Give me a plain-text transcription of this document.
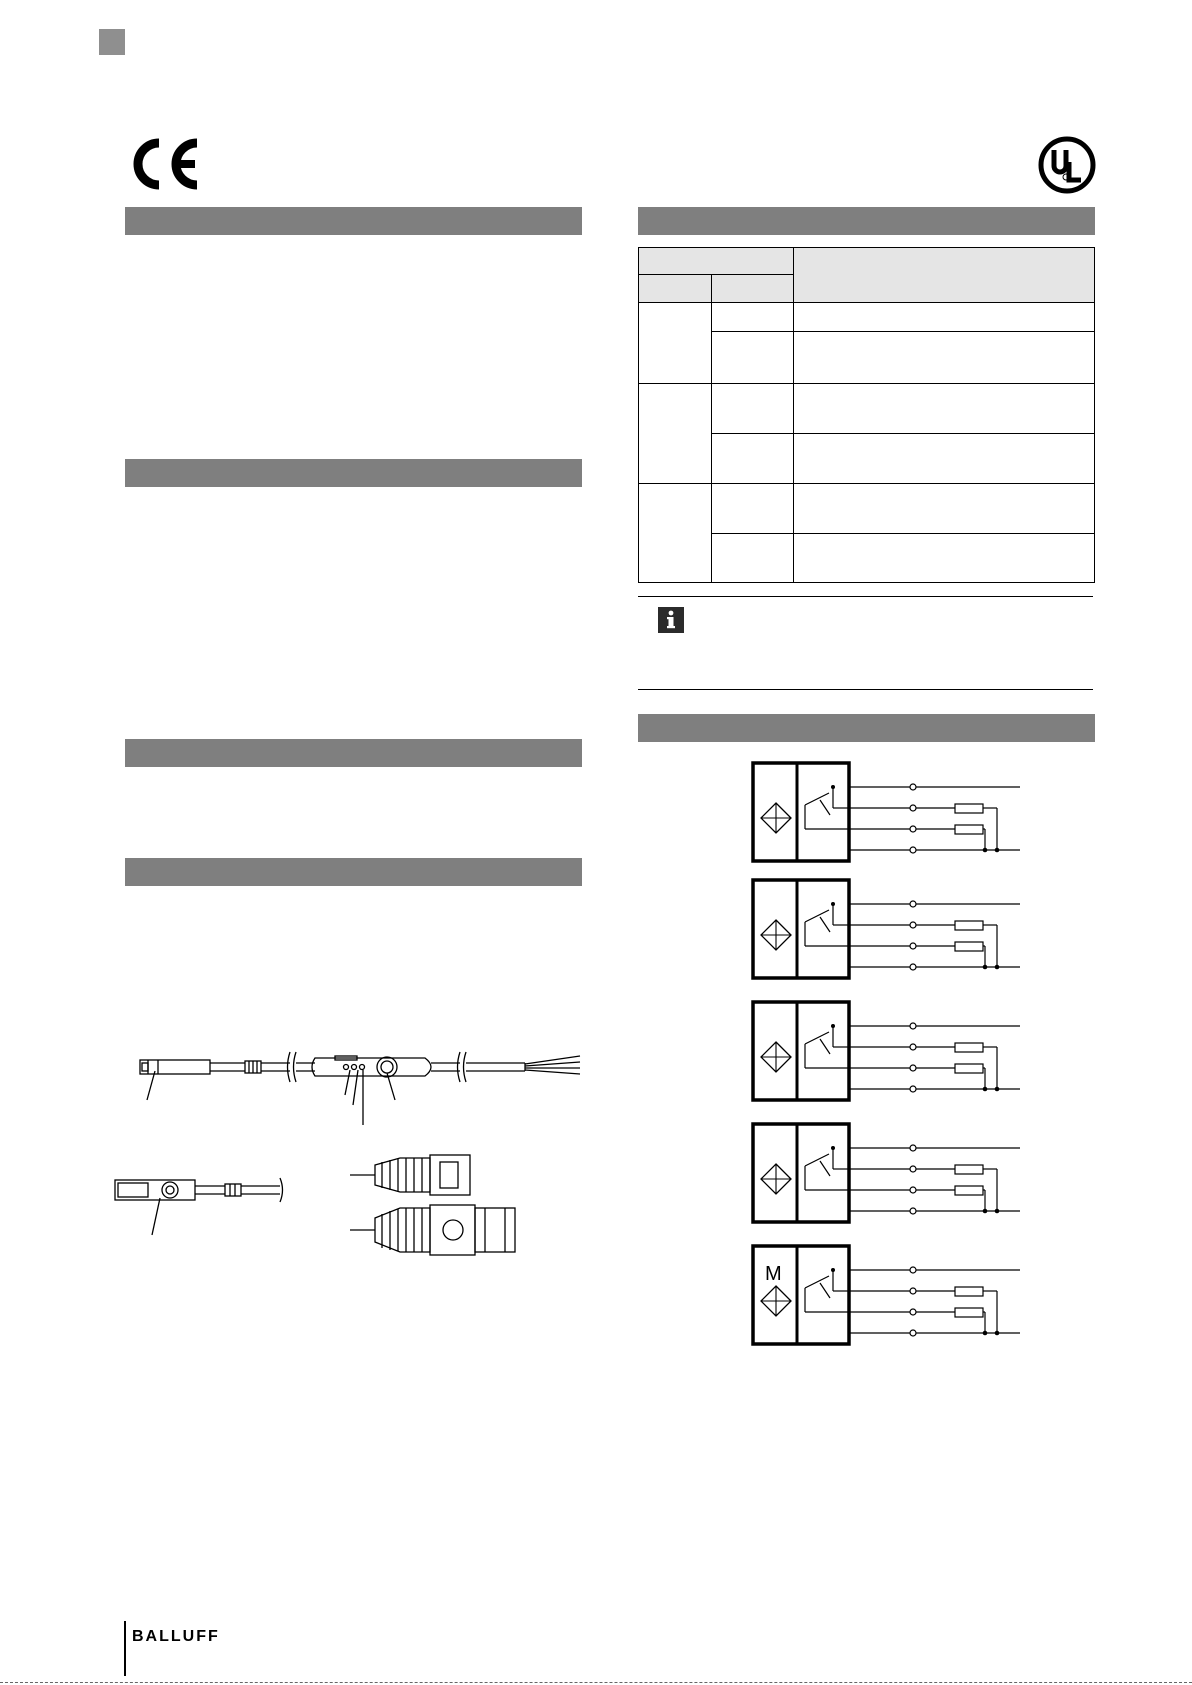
M
BALLUFF
